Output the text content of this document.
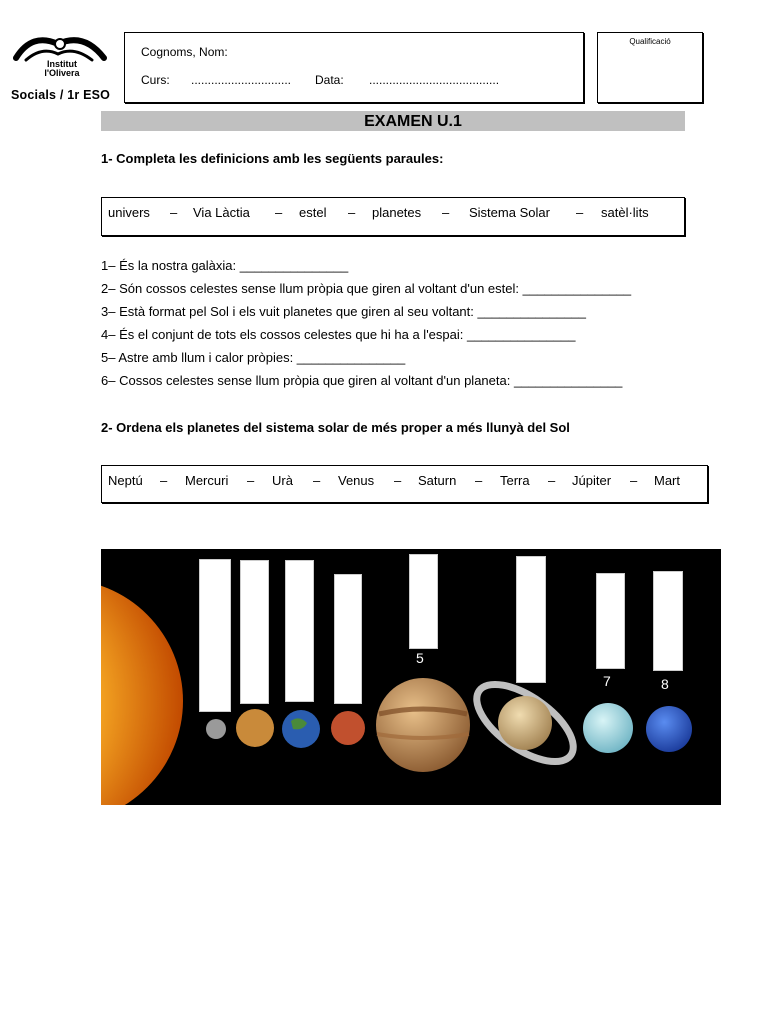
Institut
l'Olivera
Socials / 1r ESO
Cognoms, Nom:
Curs: .............................. Data: .......................................
Qualificació
EXAMEN U.1
1- Completa les definicions amb les següents paraules:
univers – Via Làctia – estel – planetes – Sistema Solar – satèl·lits
1– És la nostra galàxia: _______________
2– Són cossos celestes sense llum pròpia que giren al voltant d'un estel: _______________
3– Està format pel Sol i els vuit planetes que giren al seu voltant: _______________
4– És el conjunt de tots els cossos celestes que hi ha a l'espai: _______________
5– Astre amb llum i calor pròpies: _______________
6– Cossos celestes sense llum pròpia que giren al voltant d'un planeta: _______________
2- Ordena els planetes del sistema solar de més proper a més llunyà del Sol
Neptú – Mercuri – Urà – Venus – Saturn – Terra – Júpiter – Mart
1 2	3	4
5
6
7	8
